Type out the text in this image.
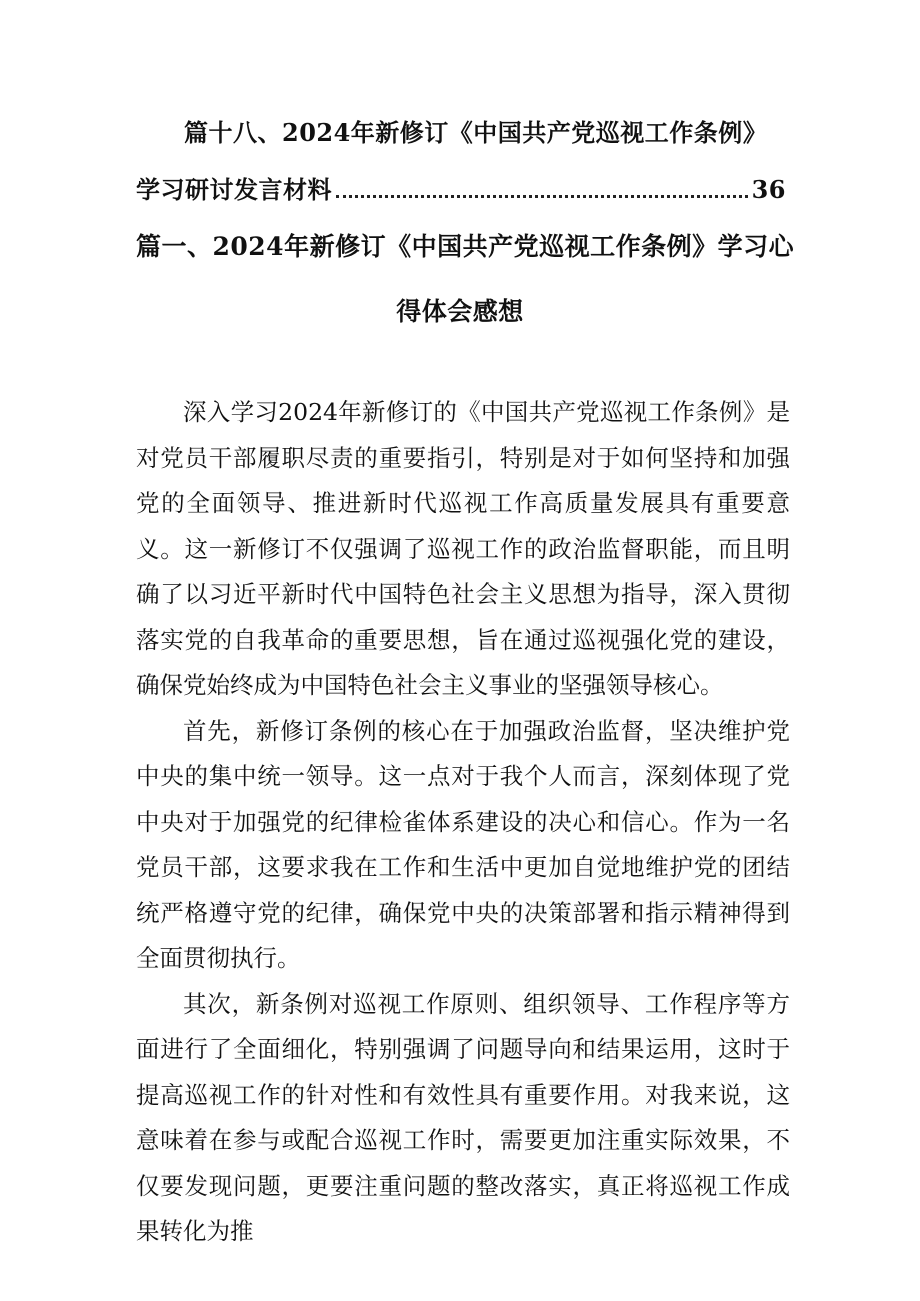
篇十八、2024年新修订《中国共产党巡视工作条例》
学习研讨发言材料	36
篇一、2024年新修订《中国共产党巡视工作条例》学习心
得体会感想

深入学习2024年新修订的《中国共产党巡视工作条例》是对党员干部履职尽责的重要指引，特别是对于如何坚持和加强党的全面领导、推进新时代巡视工作高质量发展具有重要意义。这一新修订不仅强调了巡视工作的政治监督职能，而且明确了以习近平新时代中国特色社会主义思想为指导，深入贯彻落实党的自我革命的重要思想，旨在通过巡视强化党的建设，确保党始终成为中国特色社会主义事业的坚强领导核心。

首先，新修订条例的核心在于加强政治监督，坚决维护党中央的集中统一领导。这一点对于我个人而言，深刻体现了党中央对于加强党的纪律检雀体系建设的决心和信心。作为一名党员干部，这要求我在工作和生活中更加自觉地维护党的团结统严格遵守党的纪律，确保党中央的决策部署和指示精神得到全面贯彻执行。

其次，新条例对巡视工作原则、组织领导、工作程序等方面进行了全面细化，特别强调了问题导向和结果运用，这时于提高巡视工作的针对性和有效性具有重要作用。对我来说，这意味着在参与或配合巡视工作时，需要更加注重实际效果，不仅要发现问题，更要注重问题的整改落实，真正将巡视工作成果转化为推
